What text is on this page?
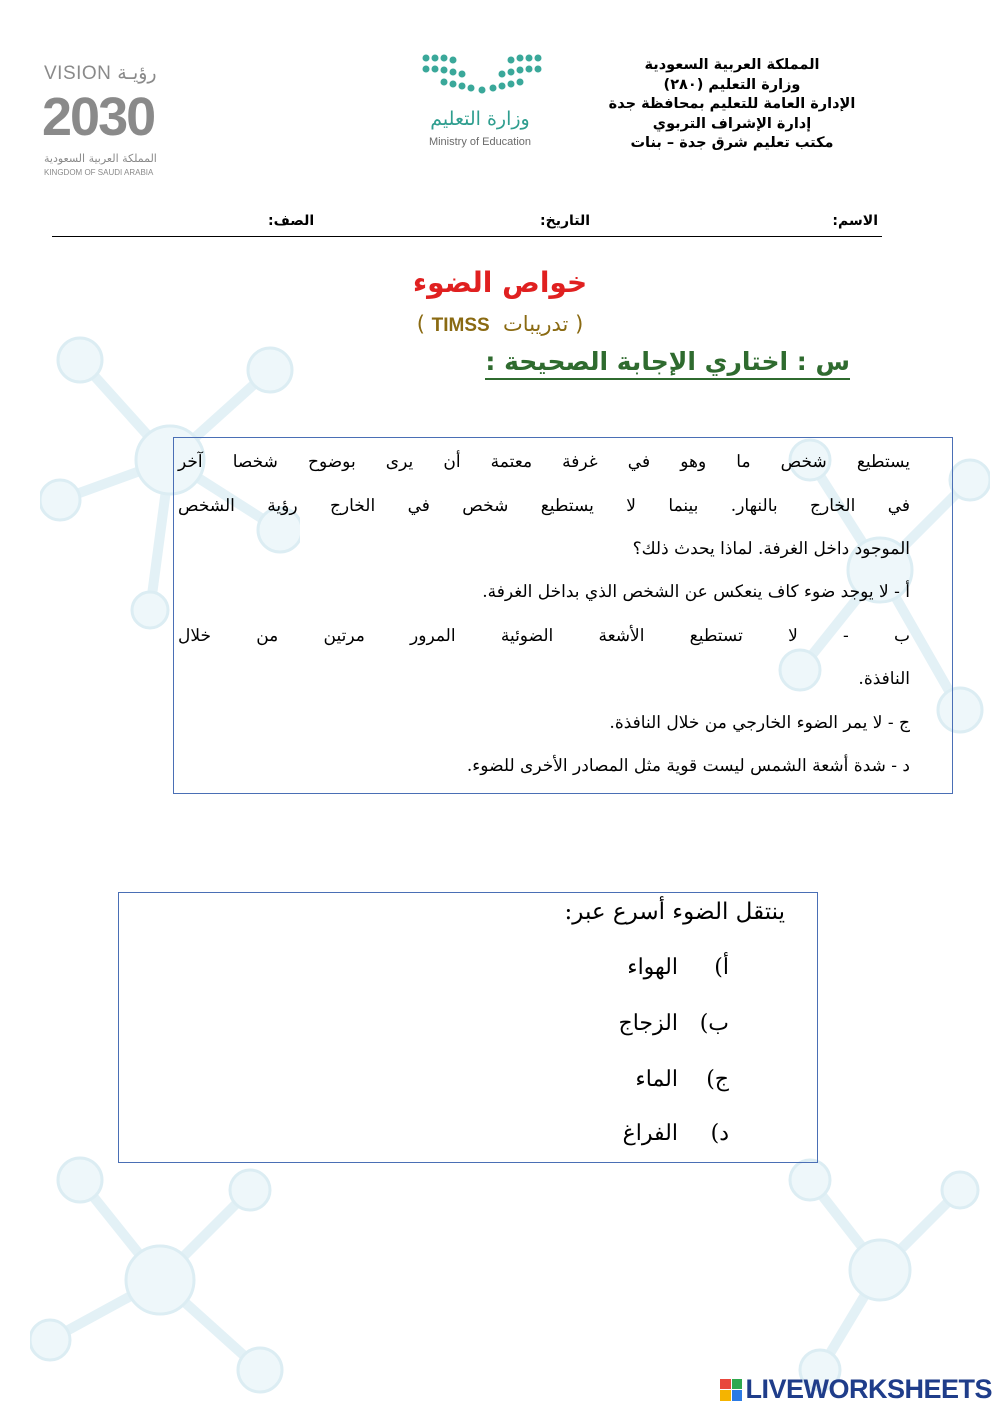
VISION رؤيـة
2030
المملكة العربية السعودية
KINGDOM OF SAUDI ARABIA
وزارة التعليم
Ministry of Education
المملكة العربية السعودية
وزارة التعليم (٢٨٠)
الإدارة العامة للتعليم بمحافظة جدة
إدارة الإشراف التربوي
مكتب تعليم شرق جدة – بنات
الاسم:
التاريخ:
الصف:
خواص الضوء
( تدريبات  TIMSS )
س : اختاري الإجابة الصحيحة :
يستطيع شخص ما وهو في غرفة معتمة أن يرى بوضوح شخصا آخر
في الخارج بالنهار. بينما لا يستطيع شخص في الخارج رؤية الشخص
الموجود داخل الغرفة. لماذا يحدث ذلك؟
أ - لا يوجد ضوء كاف ينعكس عن الشخص الذي بداخل الغرفة.
ب - لا تستطيع الأشعة الضوئية المرور مرتين من خلال
النافذة.
ج - لا يمر الضوء الخارجي من خلال النافذة.
د - شدة أشعة الشمس ليست قوية مثل المصادر الأخرى للضوء.
ينتقل الضوء أسرع عبر:
أ) الهواء
ب) الزجاج
ج) الماء
د) الفراغ
LIVEWORKSHEETS
